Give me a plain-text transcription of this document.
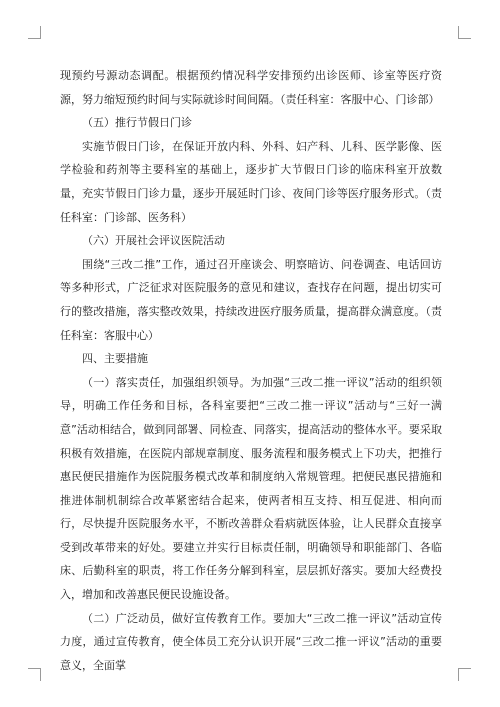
现预约号源动态调配。根据预约情况科学安排预约出诊医师、诊室等医疗资源，努力缩短预约时间与实际就诊时间间隔。（责任科室：客服中心、门诊部）

（五）推行节假日门诊

实施节假日门诊，在保证开放内科、外科、妇产科、儿科、医学影像、医学检验和药剂等主要科室的基础上，逐步扩大节假日门诊的临床科室开放数量，充实节假日门诊力量，逐步开展延时门诊、夜间门诊等医疗服务形式。（责任科室：门诊部、医务科）

（六）开展社会评议医院活动

围绕“三改二推”工作，通过召开座谈会、明察暗访、问卷调查、电话回访等多种形式，广泛征求对医院服务的意见和建议，查找存在问题，提出切实可行的整改措施，落实整改效果，持续改进医疗服务质量，提高群众满意度。（责任科室：客服中心）

四、主要措施

（一）落实责任，加强组织领导。为加强“三改二推一评议”活动的组织领导，明确工作任务和目标，各科室要把“三改二推一评议”活动与“三好一满意”活动相结合，做到同部署、同检查、同落实，提高活动的整体水平。要采取积极有效措施，在医院内部规章制度、服务流程和服务模式上下功夫，把推行惠民便民措施作为医院服务模式改革和制度纳入常规管理。把便民惠民措施和推进体制机制综合改革紧密结合起来，使两者相互支持、相互促进、相向而行，尽快提升医院服务水平，不断改善群众看病就医体验，让人民群众直接享受到改革带来的好处。要建立并实行目标责任制，明确领导和职能部门、各临床、后勤科室的职责，将工作任务分解到科室，层层抓好落实。要加大经费投入，增加和改善惠民便民设施设备。

（二）广泛动员，做好宣传教育工作。要加大“三改二推一评议”活动宣传力度，通过宣传教育，使全体员工充分认识开展“三改二推一评议”活动的重要意义，全面掌
